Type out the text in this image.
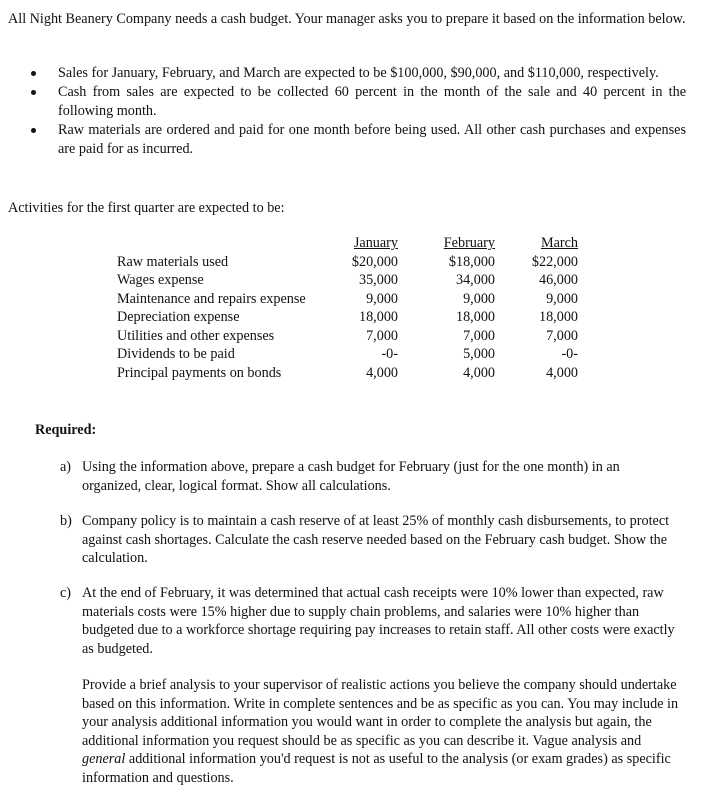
All Night Beanery Company needs a cash budget. Your manager asks you to prepare it based on the information below.

Sales for January, February, and March are expected to be $100,000, $90,000, and $110,000, respectively.
Cash from sales are expected to be collected 60 percent in the month of the sale and 40 percent in the following month.
Raw materials are ordered and paid for one month before being used. All other cash purchases and expenses are paid for as incurred.

Activities for the first quarter are expected to be:

	January	February	March
Raw materials used	$20,000	$18,000	$22,000
Wages expense	35,000	34,000	46,000
Maintenance and repairs expense	9,000	9,000	9,000
Depreciation expense	18,000	18,000	18,000
Utilities and other expenses	7,000	7,000	7,000
Dividends to be paid	-0-	5,000	-0-
Principal payments on bonds	4,000	4,000	4,000

Required:

a) Using the information above, prepare a cash budget for February (just for the one month) in an organized, clear, logical format. Show all calculations.

b) Company policy is to maintain a cash reserve of at least 25% of monthly cash disbursements, to protect against cash shortages. Calculate the cash reserve needed based on the February cash budget. Show the calculation.

c) At the end of February, it was determined that actual cash receipts were 10% lower than expected, raw materials costs were 15% higher due to supply chain problems, and salaries were 10% higher than budgeted due to a workforce shortage requiring pay increases to retain staff. All other costs were exactly as budgeted.

Provide a brief analysis to your supervisor of realistic actions you believe the company should undertake based on this information. Write in complete sentences and be as specific as you can. You may include in your analysis additional information you would want in order to complete the analysis but again, the additional information you request should be as specific as you can describe it. Vague analysis and general additional information you'd request is not as useful to the analysis (or exam grades) as specific information and questions.
